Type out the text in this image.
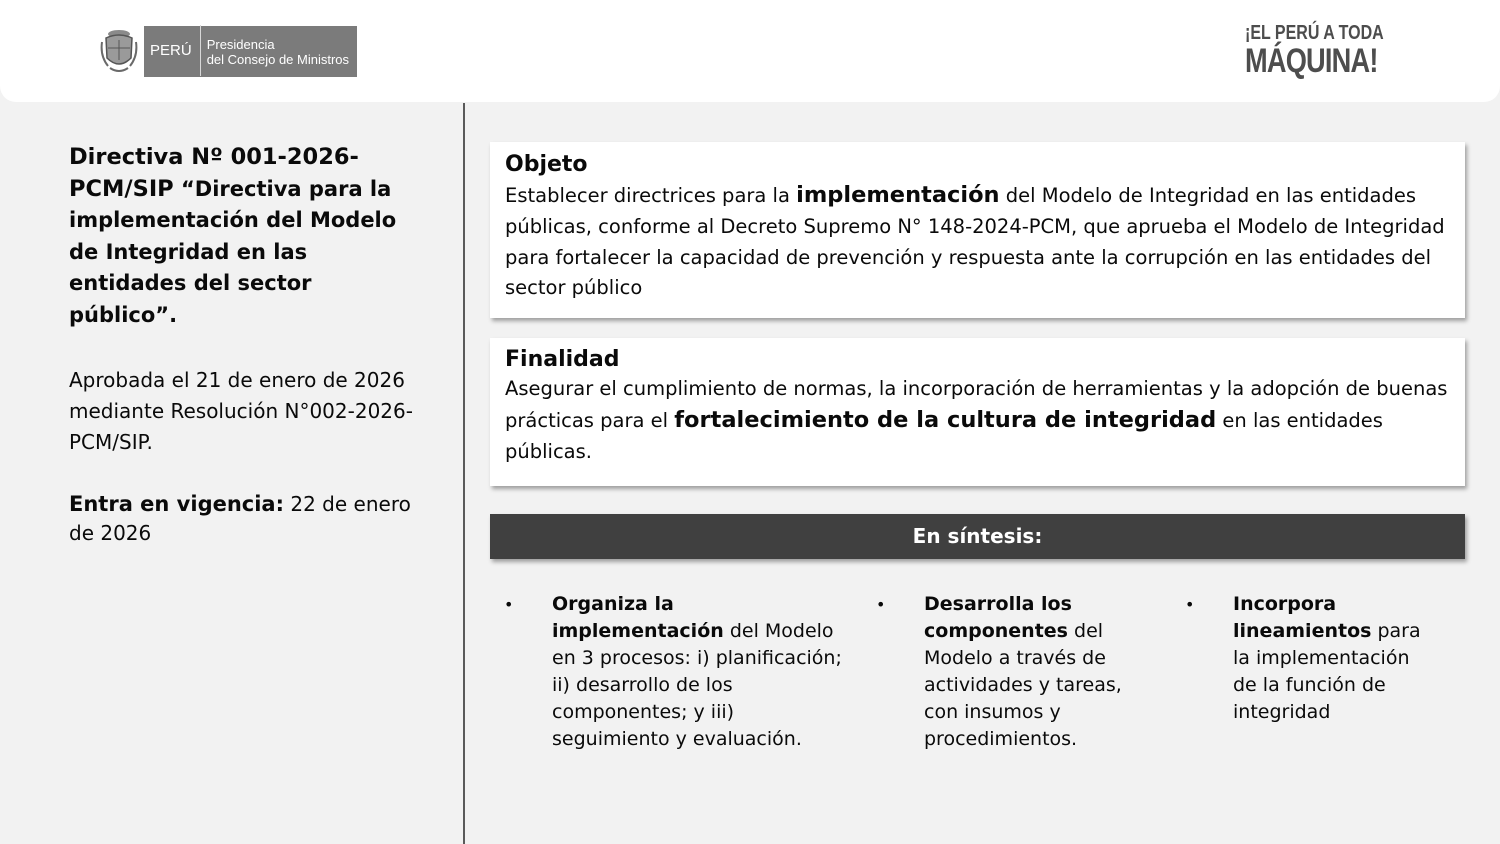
PERÚ	Presidencia
del Consejo de Ministros
¡EL PERÚ A TODA
MÁQUINA!

Directiva Nº 001-2026-PCM/SIP “Directiva para la implementación del Modelo de Integridad en las entidades del sector público”.

Aprobada el 21 de enero de 2026 mediante Resolución N°002-2026-PCM/SIP.

Entra en vigencia: 22 de enero de 2026

Objeto

Establecer directrices para la implementación del Modelo de Integridad en las entidades públicas, conforme al Decreto Supremo N° 148-2024-PCM, que aprueba el Modelo de Integridad para fortalecer la capacidad de prevención y respuesta ante la corrupción en las entidades del sector público

Finalidad

Asegurar el cumplimiento de normas, la incorporación de herramientas y la adopción de buenas prácticas para el fortalecimiento de la cultura de integridad en las entidades públicas.

En síntesis:
• Organiza la implementación del Modelo en 3 procesos: i) planificación; ii) desarrollo de los componentes; y iii) seguimiento y evaluación.
• Desarrolla los componentes del Modelo a través de actividades y tareas, con insumos y procedimientos.
• Incorpora lineamientos para la implementación de la función de integridad
